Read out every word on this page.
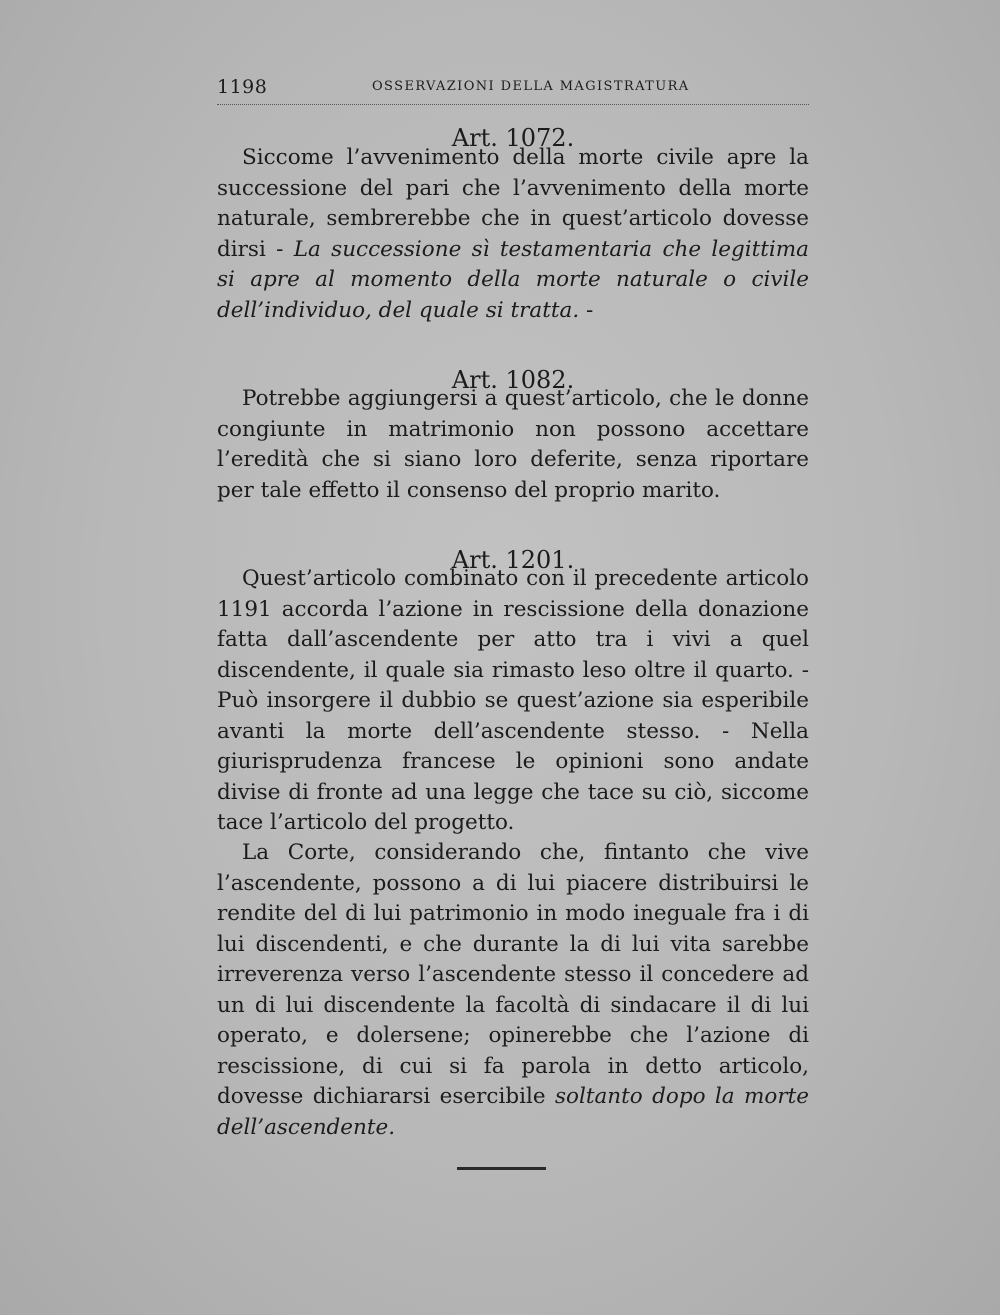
1198	OSSERVAZIONI DELLA MAGISTRATURA
Art. 1072.

Siccome l’avvenimento della morte civile apre la successione del pari che l’avvenimento della morte naturale, sembrerebbe che in quest’articolo dovesse dirsi - La successione sì testamentaria che legittima si apre al momento della morte naturale o civile dell’individuo, del quale si tratta. -

Art. 1082.

Potrebbe aggiungersi a quest’articolo, che le donne congiunte in matrimonio non possono accettare l’eredità che si siano loro deferite, senza riportare per tale effetto il consenso del proprio marito.

Art. 1201.

Quest’articolo combinato con il precedente articolo 1191 accorda l’azione in rescissione della donazione fatta dall’ascendente per atto tra i vivi a quel discendente, il quale sia rimasto leso oltre il quarto. - Può insorgere il dubbio se quest’azione sia esperibile avanti la morte dell’ascendente stesso. - Nella giurisprudenza francese le opinioni sono andate divise di fronte ad una legge che tace su ciò, siccome tace l’articolo del progetto.

La Corte, considerando che, fintanto che vive l’ascendente, possono a di lui piacere distribuirsi le rendite del di lui patrimonio in modo ineguale fra i di lui discendenti, e che durante la di lui vita sarebbe irreverenza verso l’ascendente stesso il concedere ad un di lui discendente la facoltà di sindacare il di lui operato, e dolersene; opinerebbe che l’azione di rescissione, di cui si fa parola in detto articolo, dovesse dichiararsi esercibile soltanto dopo la morte dell’ascendente.
